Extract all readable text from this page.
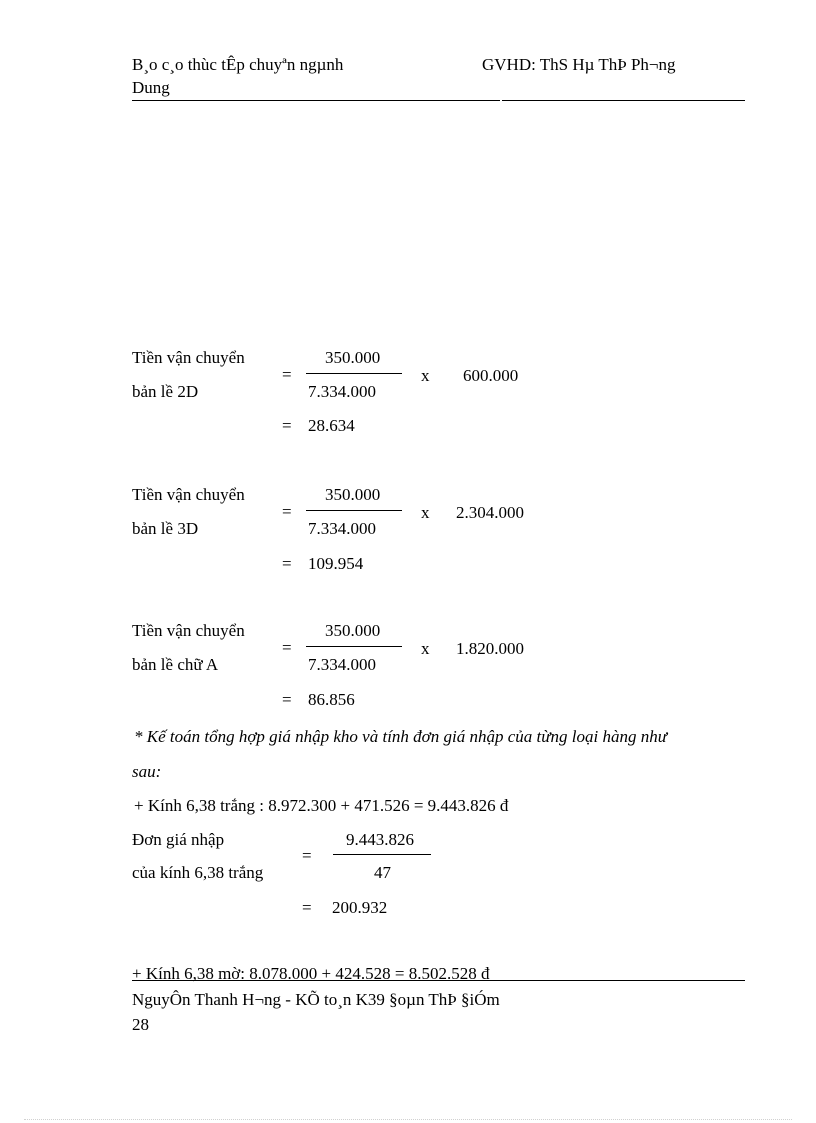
B¸o c¸o thùc tÊp chuyªn ngµnh
Dung
GVHD: ThS Hµ ThÞ Ph¬ng
Tiền vận chuyển
bản lề 2D
=
350.000
7.334.000
x 600.000
= 28.634
Tiền vận chuyển
bản lề 3D
=
350.000
7.334.000
x 2.304.000
= 109.954
Tiền vận chuyển
bản lề chữ A
=
350.000
7.334.000
x 1.820.000
= 86.856
* Kế toán tổng hợp giá nhập kho và tính đơn giá nhập của từng loại hàng như
sau:
+ Kính 6,38 trắng : 8.972.300 + 471.526 = 9.443.826 đ
Đơn giá nhập
của kính 6,38 trắng
=
9.443.826
47
= 200.932
+ Kính 6,38 mờ: 8.078.000 + 424.528 = 8.502.528 đ
NguyÔn Thanh H¬ng - KÕ to¸n K39 §oµn ThÞ §iÓm
28
